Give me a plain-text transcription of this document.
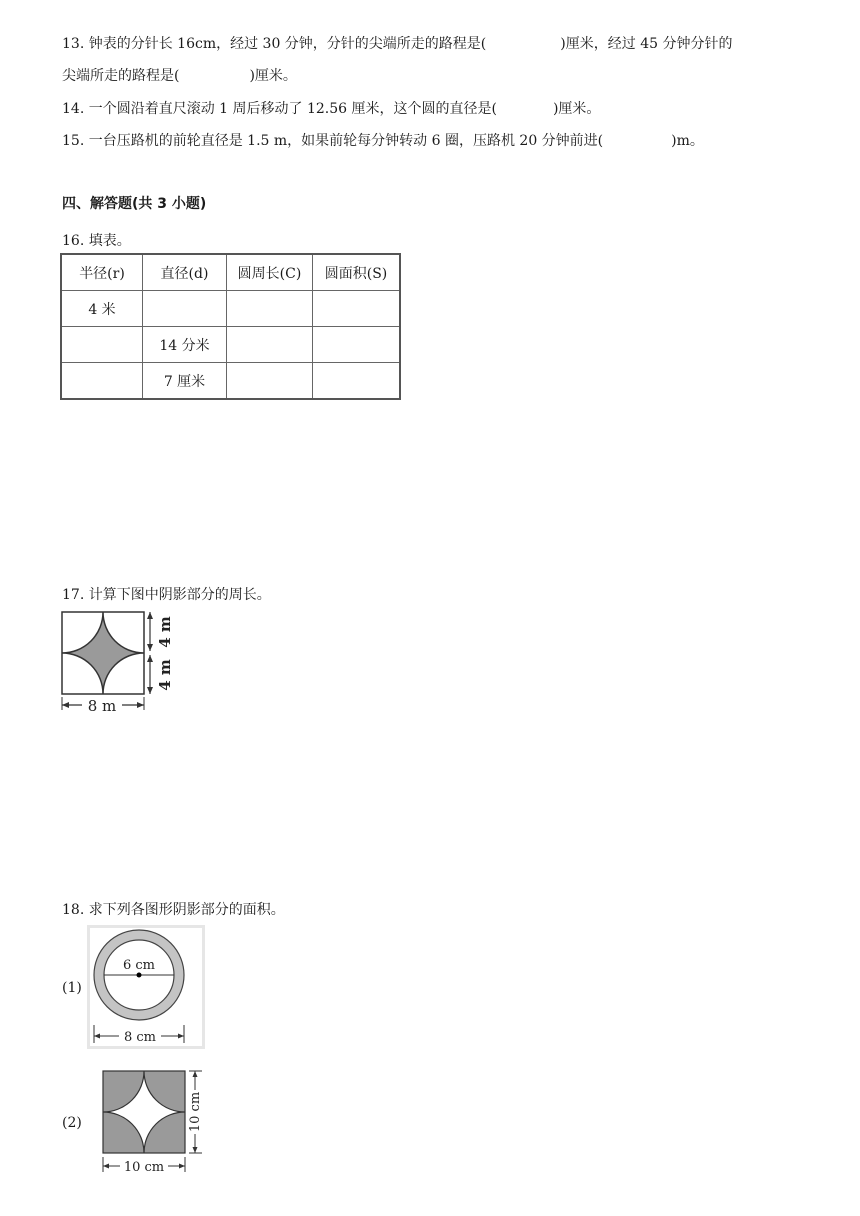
13. 钟表的分针长 16cm，经过 30 分钟，分针的尖端所走的路程是(	)厘米，经过 45 分钟分针的
尖端所走的路程是(	)厘米。
14. 一个圆沿着直尺滚动 1 周后移动了 12.56 厘米，这个圆的直径是(	)厘米。
15. 一台压路机的前轮直径是 1.5 m，如果前轮每分钟转动 6 圈，压路机 20 分钟前进(	)m。
四、解答题(共 3 小题)
16. 填表。
半径(r)	直径(d)	圆周长(C)	圆面积(S)
4 米			
	14 分米		
	7 厘米		
17. 计算下图中阴影部分的周长。
4 m
4 m
8 m
18. 求下列各图形阴影部分的面积。
(1)
6 cm
8 cm
(2)	10 cm
10 cm
